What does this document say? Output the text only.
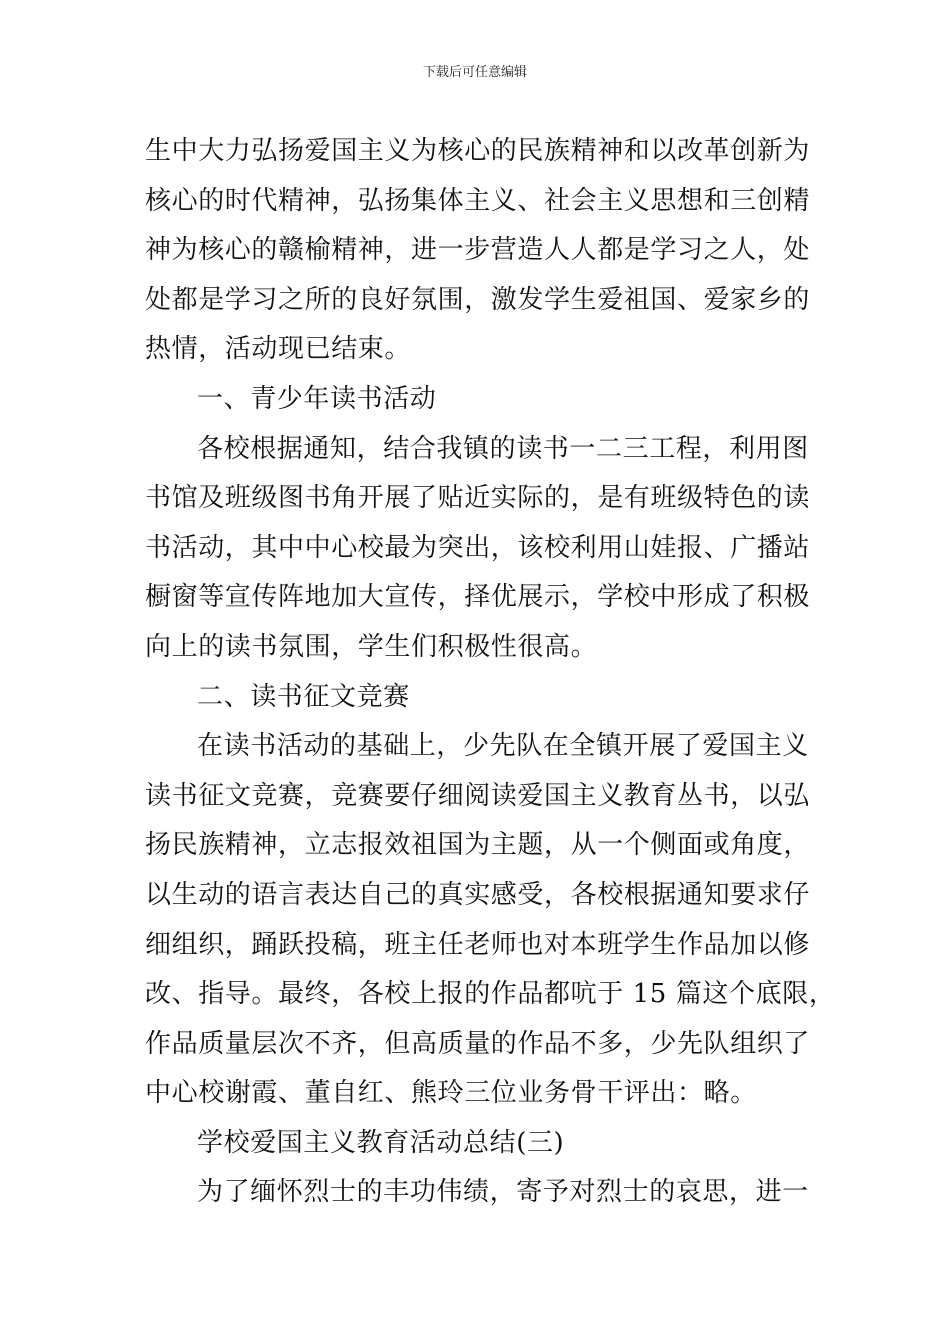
下载后可任意编辑
生中大力弘扬爱国主义为核心的民族精神和以改革创新为
核心的时代精神，弘扬集体主义、社会主义思想和三创精
神为核心的赣榆精神，进一步营造人人都是学习之人，处
处都是学习之所的良好氛围，激发学生爱祖国、爱家乡的
热情，活动现已结束。
一、青少年读书活动
各校根据通知，结合我镇的读书一二三工程，利用图
书馆及班级图书角开展了贴近实际的，是有班级特色的读
书活动，其中中心校最为突出，该校利用山娃报、广播站
橱窗等宣传阵地加大宣传，择优展示，学校中形成了积极
向上的读书氛围，学生们积极性很高。
二、读书征文竞赛
在读书活动的基础上，少先队在全镇开展了爱国主义
读书征文竞赛，竞赛要仔细阅读爱国主义教育丛书，以弘
扬民族精神，立志报效祖国为主题，从一个侧面或角度，
以生动的语言表达自己的真实感受，各校根据通知要求仔
细组织，踊跃投稿，班主任老师也对本班学生作品加以修
改、指导。最终，各校上报的作品都吭于 15 篇这个底限，
作品质量层次不齐，但高质量的作品不多，少先队组织了
中心校谢霞、董自红、熊玲三位业务骨干评出：略。
学校爱国主义教育活动总结(三)
为了缅怀烈士的丰功伟绩，寄予对烈士的哀思，进一
